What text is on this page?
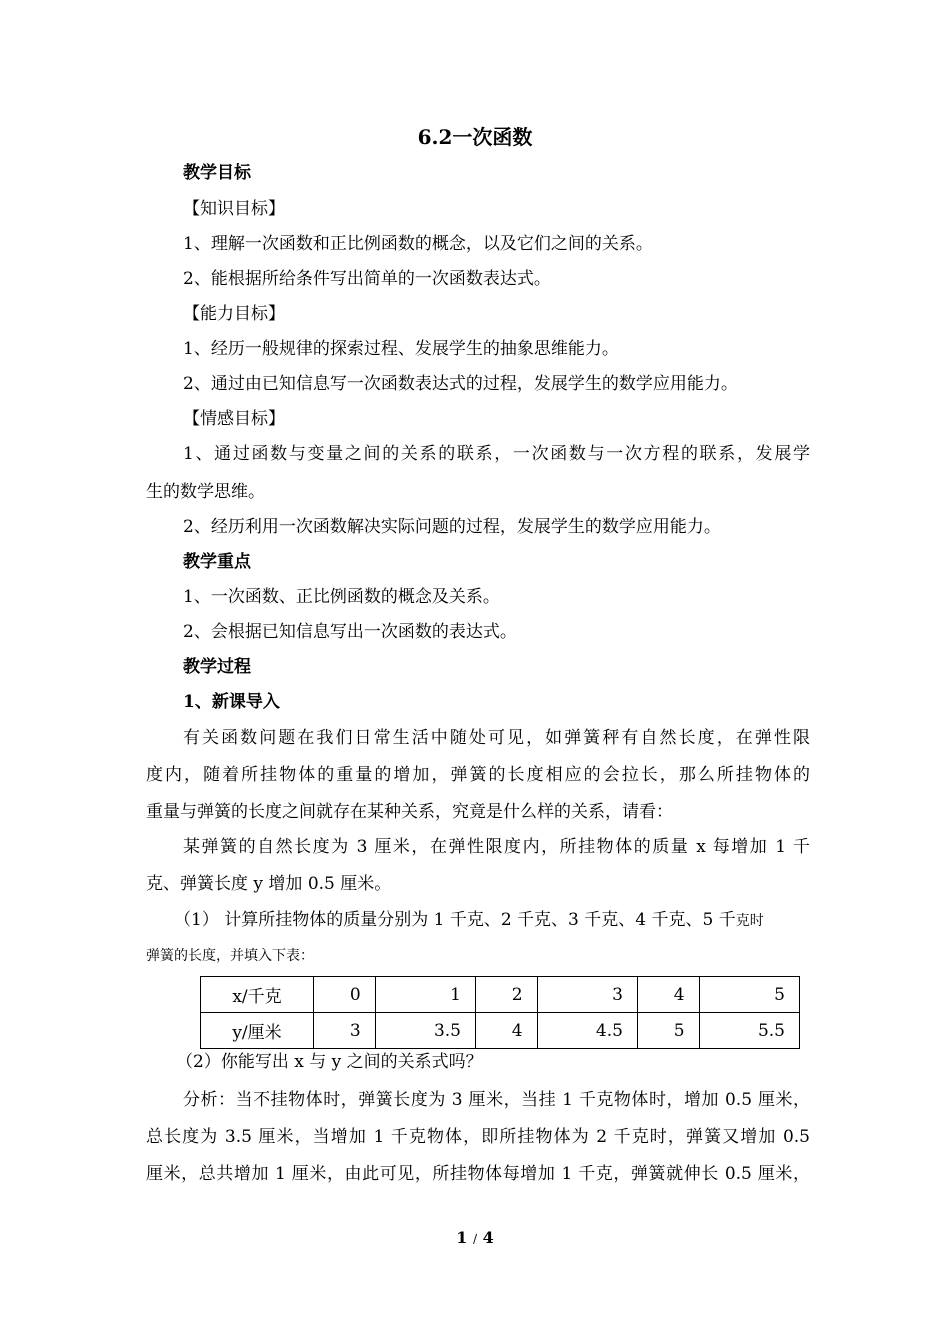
6.2一次函数
教学目标
【知识目标】
1、理解一次函数和正比例函数的概念，以及它们之间的关系。
2、能根据所给条件写出简单的一次函数表达式。
【能力目标】
1、经历一般规律的探索过程、发展学生的抽象思维能力。
2、通过由已知信息写一次函数表达式的过程，发展学生的数学应用能力。
【情感目标】
1、通过函数与变量之间的关系的联系，一次函数与一次方程的联系，发展学
生的数学思维。
2、经历利用一次函数解决实际问题的过程，发展学生的数学应用能力。
教学重点
1、一次函数、正比例函数的概念及关系。
2、会根据已知信息写出一次函数的表达式。
教学过程
1、新课导入
有关函数问题在我们日常生活中随处可见，如弹簧秤有自然长度，在弹性限
度内，随着所挂物体的重量的增加，弹簧的长度相应的会拉长，那么所挂物体的
重量与弹簧的长度之间就存在某种关系，究竟是什么样的关系，请看：
某弹簧的自然长度为 3 厘米，在弹性限度内，所挂物体的质量 x 每增加 1 千
克、弹簧长度 y 增加 0.5 厘米。
（1） 计算所挂物体的质量分别为 1 千克、2 千克、3 千克、4 千克、5 千克时
弹簧的长度，并填入下表：
x/千克	0	1	2	3	4	5
y/厘米	3	3.5	4	4.5	5	5.5
（2）你能写出 x 与 y 之间的关系式吗？
分析：当不挂物体时，弹簧长度为 3 厘米，当挂 1 千克物体时，增加 0.5 厘米，
总长度为 3.5 厘米，当增加 1 千克物体，即所挂物体为 2 千克时，弹簧又增加 0.5
厘米，总共增加 1 厘米，由此可见，所挂物体每增加 1 千克，弹簧就伸长 0.5 厘米，
1 / 4
